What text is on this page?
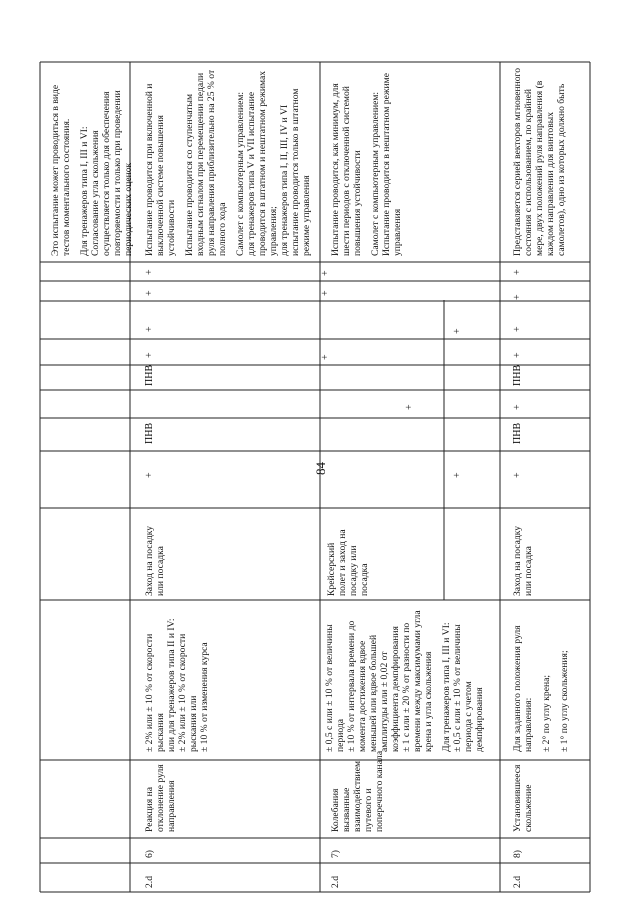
84
2.d
6)
Реакция на отклонение руля направления
± 2% или ± 10 % от скорости рыскания или для тренажеров типа II и IV: ± 2% или ± 10 % от скорости рыскания или ± 10 % от изменения курса
Заход на посадку или посадка
+
ПНВ
ПНВ
+
+
+
+
Испытание проводится при включенной и выключенной системе повышения устойчивости Испытание проводится со ступенчатым входным сигналом при перемещении педали руля направления приблизительно на 25 % от полного хода Самолет с компьютерным управлением: для тренажеров типа V и VII испытание проводится в штатном и нештатном режимах управления; для тренажеров типа I, II, III, IV и VI испытание проводится только в штатном режиме управления
Это испытание может проводиться в виде тестов моментального состояния. Для тренажеров типа I, III и VI: Согласование угла скольжения осуществляется только для обеспечения повторяемости и только при проведении периодических оценок
2.d
7)
Колебания вызванные взаимодействием путевого и поперечного канала
± 0,5 с или ± 10 % от величины периода ± 10 % от интервала времени до момента достижения вдвое меньшей или вдвое большей амплитуды или ± 0,02 от коэффициента демпфирования ± 1 с или ± 20 % от разности по времени между максимумами угла крена и угла скольжения Для тренажеров типа I, III и VI: ± 0,5 с или ± 10 % от величины периода с учетом демпфирования
Крейсерский полет и заход на посадку или посадка
+
+
+
+
+
+
Испытание проводится, как минимум, для шести периодов с отключенной системой повышения устойчивости Самолет с компьютерным управлением: Испытание проводится в нештатном режиме управления
2.d
8)
Установившееся скольжение
Для заданного положения руля направления: ± 2° по углу крена; ± 1° по углу скольжения;
Заход на посадку или посадка
+
ПНВ
+
ПНВ
+
+
+
+
Представляется серией векторов мгновенного состояния с использованием, по крайней мере, двух положений руля направления (в каждом направлении для винтовых самолетов), одно из которых должно быть
